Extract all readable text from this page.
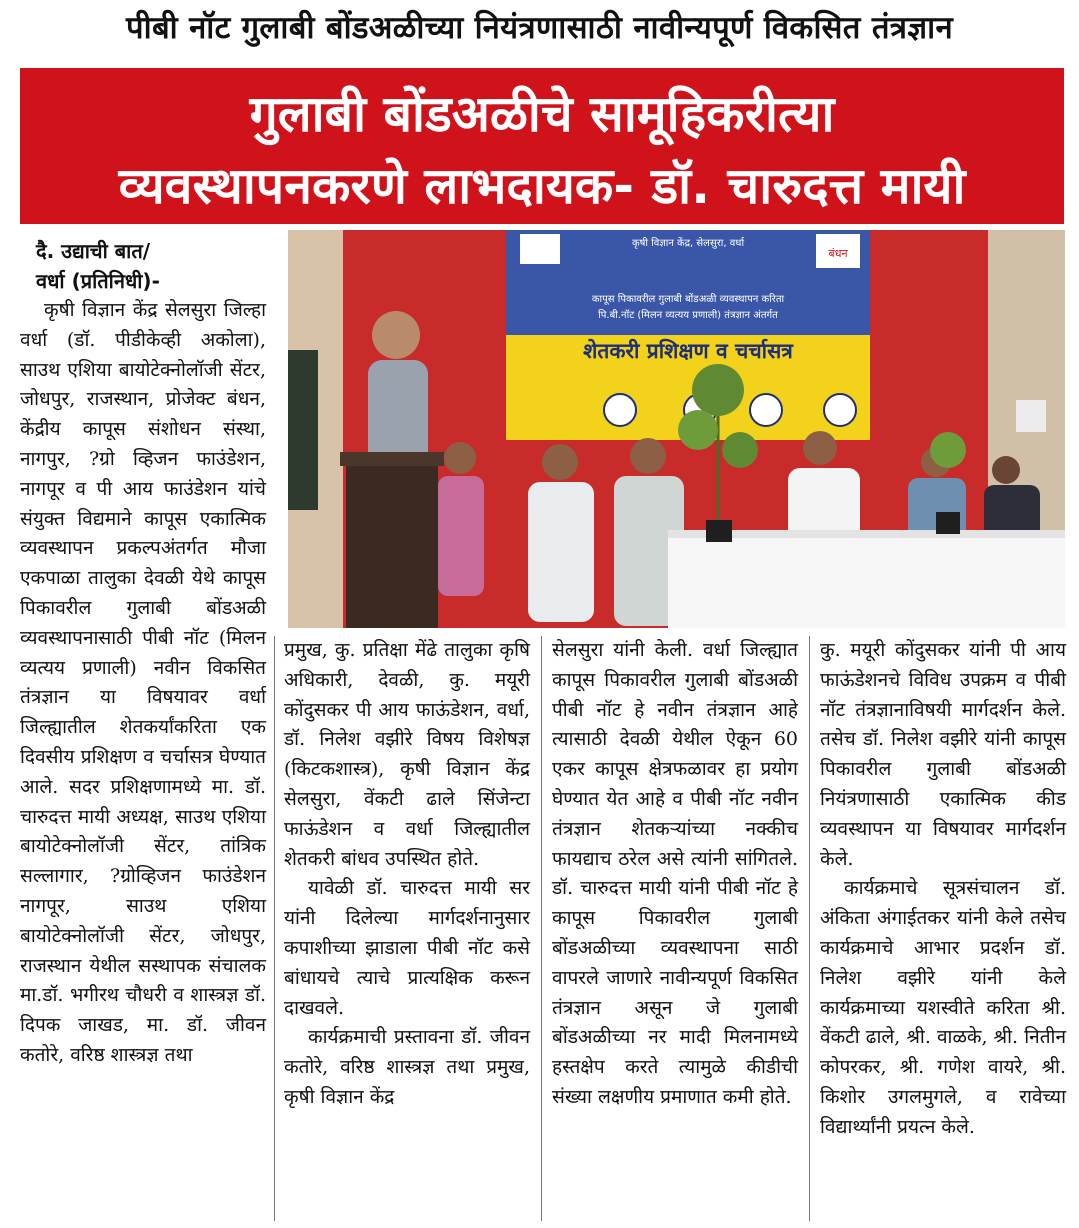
पीबी नॉट गुलाबी बोंडअळीच्या नियंत्रणासाठी नावीन्यपूर्ण विकसित तंत्रज्ञान
गुलाबी बोंडअळीचे सामूहिकरीत्या
व्यवस्थापनकरणे लाभदायक- डॉ. चारुदत्त मायी
बंधन
कृषी विज्ञान केंद्र, सेलसुरा, वर्धा
कापूस पिकावरील गुलाबी बोंडअळी व्यवस्थापन करिता
पि.बी.नॉट (मिलन व्यत्यय प्रणाली) तंत्रज्ञान अंतर्गत
शेतकरी प्रशिक्षण व चर्चासत्र
दै. उद्याची बात/
वर्धा (प्रतिनिधी)-

कृषी विज्ञान केंद्र सेलसुरा जिल्हा वर्धा (डॉ. पीडीकेव्ही अकोला), साउथ एशिया बायोटेक्नोलॉजी सेंटर, जोधपुर, राजस्थान, प्रोजेक्ट बंधन, केंद्रीय कापूस संशोधन संस्था, नागपुर, ?ग्रो व्हिजन फाउंडेशन, नागपूर व पी आय फाउंडेशन यांचे संयुक्त विद्यमाने कापूस एकात्मिक व्यवस्थापन प्रकल्पअंतर्गत मौजा एकपाळा तालुका देवळी येथे कापूस पिकावरील गुलाबी बोंडअळी व्यवस्थापनासाठी पीबी नॉट (मिलन व्यत्यय प्रणाली) नवीन विकसित तंत्रज्ञान या विषयावर वर्धा जिल्ह्यातील शेतकर्यांकरिता एक दिवसीय प्रशिक्षण व चर्चासत्र घेण्यात आले. सदर प्रशिक्षणामध्ये मा. डॉ. चारुदत्त मायी अध्यक्ष, साउथ एशिया बायोटेक्नोलॉजी सेंटर, तांत्रिक सल्लागार, ?ग्रोव्हिजन फाउंडेशन नागपूर, साउथ एशिया बायोटेक्नोलॉजी सेंटर, जोधपुर, राजस्थान येथील सस्थापक संचालक मा.डॉ. भगीरथ चौधरी व शास्त्रज्ञ डॉ. दिपक जाखड, मा. डॉ. जीवन कतोरे, वरिष्ठ शास्त्रज्ञ तथा

प्रमुख, कु. प्रतिक्षा मेंढे तालुका कृषि अधिकारी, देवळी, कु. मयूरी कोंदुसकर पी आय फाऊंडेशन, वर्धा, डॉ. निलेश वझीरे विषय विशेषज्ञ (किटकशास्त्र), कृषी विज्ञान केंद्र सेलसुरा, वेंकटी ढाले सिंजेन्टा फाऊंडेशन व वर्धा जिल्ह्यातील शेतकरी बांधव उपस्थित होते.

यावेळी डॉ. चारुदत्त मायी सर यांनी दिलेल्या मार्गदर्शनानुसार कपाशीच्या झाडाला पीबी नॉट कसे बांधायचे त्याचे प्रात्यक्षिक करून दाखवले.

कार्यक्रमाची प्रस्तावना डॉ. जीवन कतोरे, वरिष्ठ शास्त्रज्ञ तथा प्रमुख, कृषी विज्ञान केंद्र

सेलसुरा यांनी केली. वर्धा जिल्ह्यात कापूस पिकावरील गुलाबी बोंडअळी पीबी नॉट हे नवीन तंत्रज्ञान आहे त्यासाठी देवळी येथील ऐकून 60 एकर कापूस क्षेत्रफळावर हा प्रयोग घेण्यात येत आहे व पीबी नॉट नवीन तंत्रज्ञान शेतकऱ्यांच्या नक्कीच फायद्याच ठरेल असे त्यांनी सांगितले. डॉ. चारुदत्त मायी यांनी पीबी नॉट हे कापूस पिकावरील गुलाबी बोंडअळीच्या व्यवस्थापना साठी वापरले जाणारे नावीन्यपूर्ण विकसित तंत्रज्ञान असून जे गुलाबी बोंडअळीच्या नर मादी मिलनामध्ये हस्तक्षेप करते त्यामुळे कीडीची संख्या लक्षणीय प्रमाणात कमी होते.

कु. मयूरी कोंदुसकर यांनी पी आय फाऊंडेशनचे विविध उपक्रम व पीबी नॉट तंत्रज्ञानाविषयी मार्गदर्शन केले. तसेच डॉ. निलेश वझीरे यांनी कापूस पिकावरील गुलाबी बोंडअळी नियंत्रणासाठी एकात्मिक कीड व्यवस्थापन या विषयावर मार्गदर्शन केले.

कार्यक्रमाचे सूत्रसंचालन डॉ. अंकिता अंगाईतकर यांनी केले तसेच कार्यक्रमाचे आभार प्रदर्शन डॉ. निलेश वझीरे यांनी केले कार्यक्रमाच्या यशस्वीते करिता श्री. वेंकटी ढाले, श्री. वाळके, श्री. नितीन कोपरकर, श्री. गणेश वायरे, श्री. किशोर उगलमुगले, व रावेच्या विद्यार्थ्यांनी प्रयत्न केले.
